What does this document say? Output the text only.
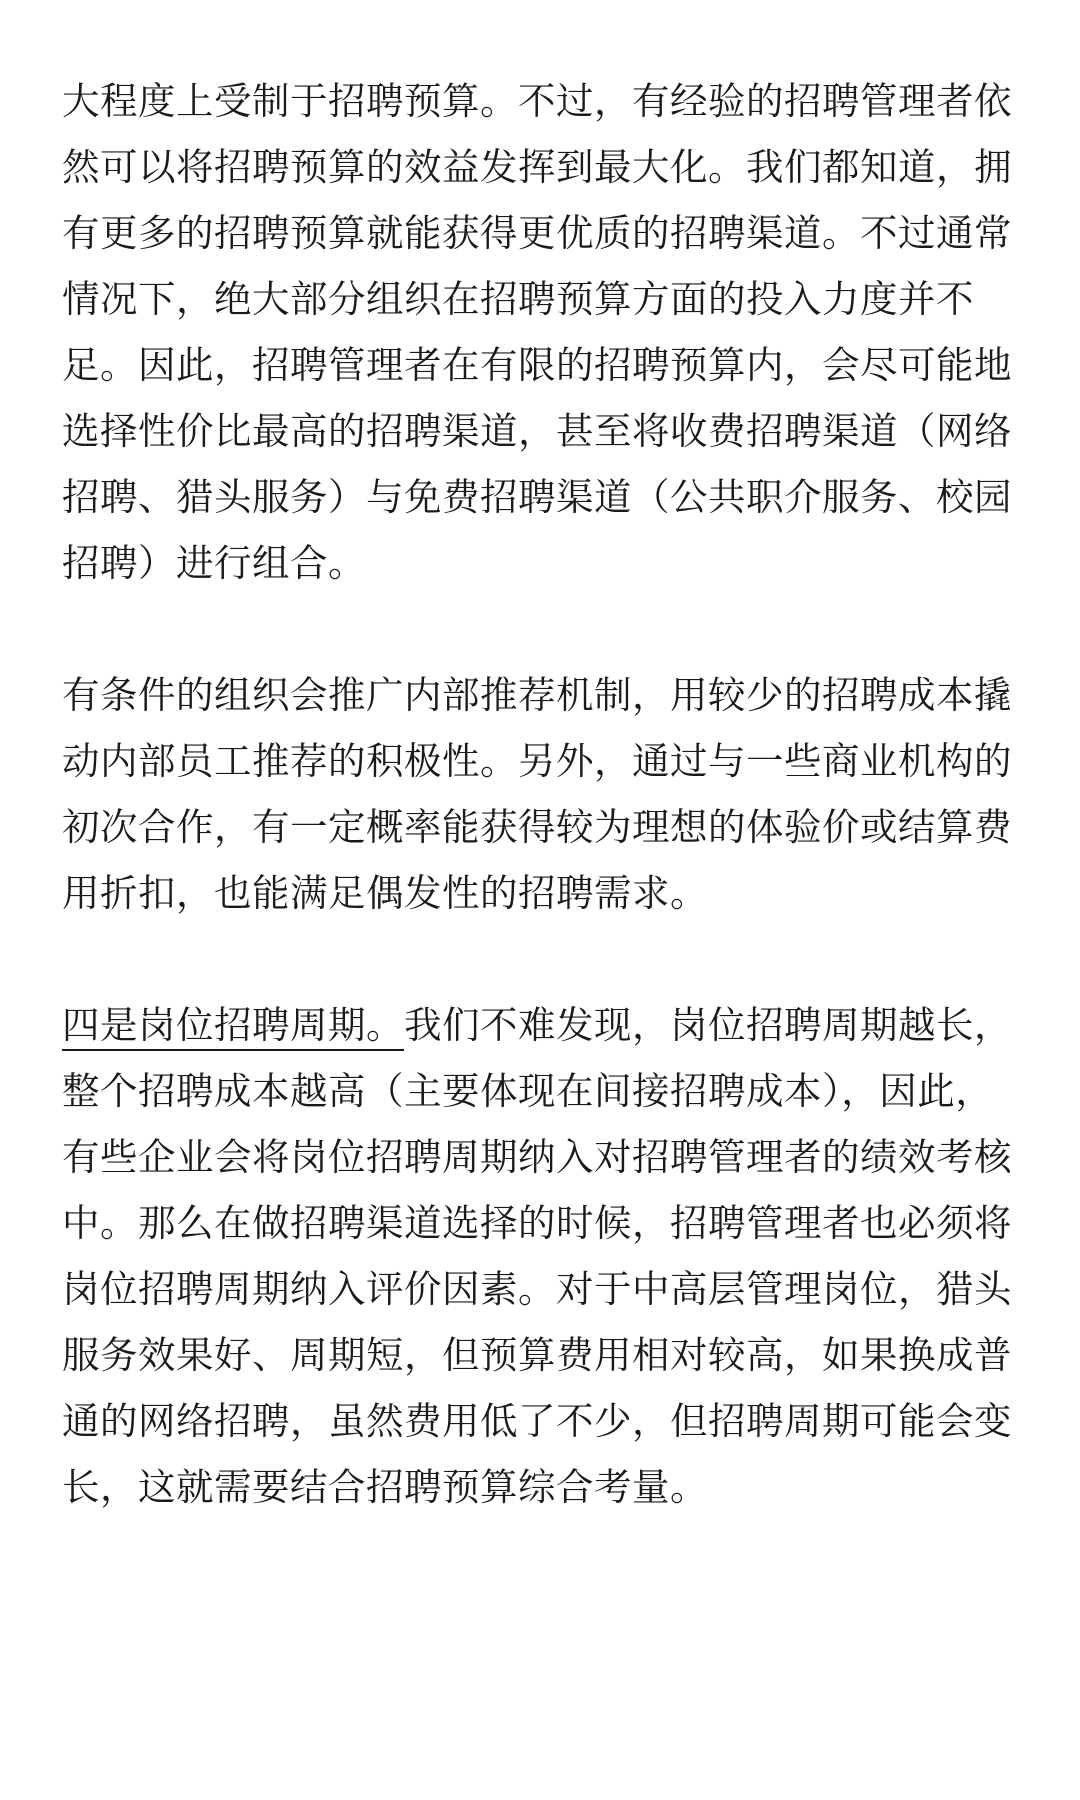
大程度上受制于招聘预算。不过，有经验的招聘管理者依然可以将招聘预算的效益发挥到最大化。我们都知道，拥有更多的招聘预算就能获得更优质的招聘渠道。不过通常情况下，绝大部分组织在招聘预算方面的投入力度并不足。因此，招聘管理者在有限的招聘预算内，会尽可能地选择性价比最高的招聘渠道，甚至将收费招聘渠道（网络招聘、猎头服务）与免费招聘渠道（公共职介服务、校园招聘）进行组合。

有条件的组织会推广内部推荐机制，用较少的招聘成本撬动内部员工推荐的积极性。另外，通过与一些商业机构的初次合作，有一定概率能获得较为理想的体验价或结算费用折扣，也能满足偶发性的招聘需求。

四是岗位招聘周期。我们不难发现，岗位招聘周期越长，整个招聘成本越高（主要体现在间接招聘成本），因此，有些企业会将岗位招聘周期纳入对招聘管理者的绩效考核中。那么在做招聘渠道选择的时候，招聘管理者也必须将岗位招聘周期纳入评价因素。对于中高层管理岗位，猎头服务效果好、周期短，但预算费用相对较高，如果换成普通的网络招聘，虽然费用低了不少，但招聘周期可能会变长，这就需要结合招聘预算综合考量。
